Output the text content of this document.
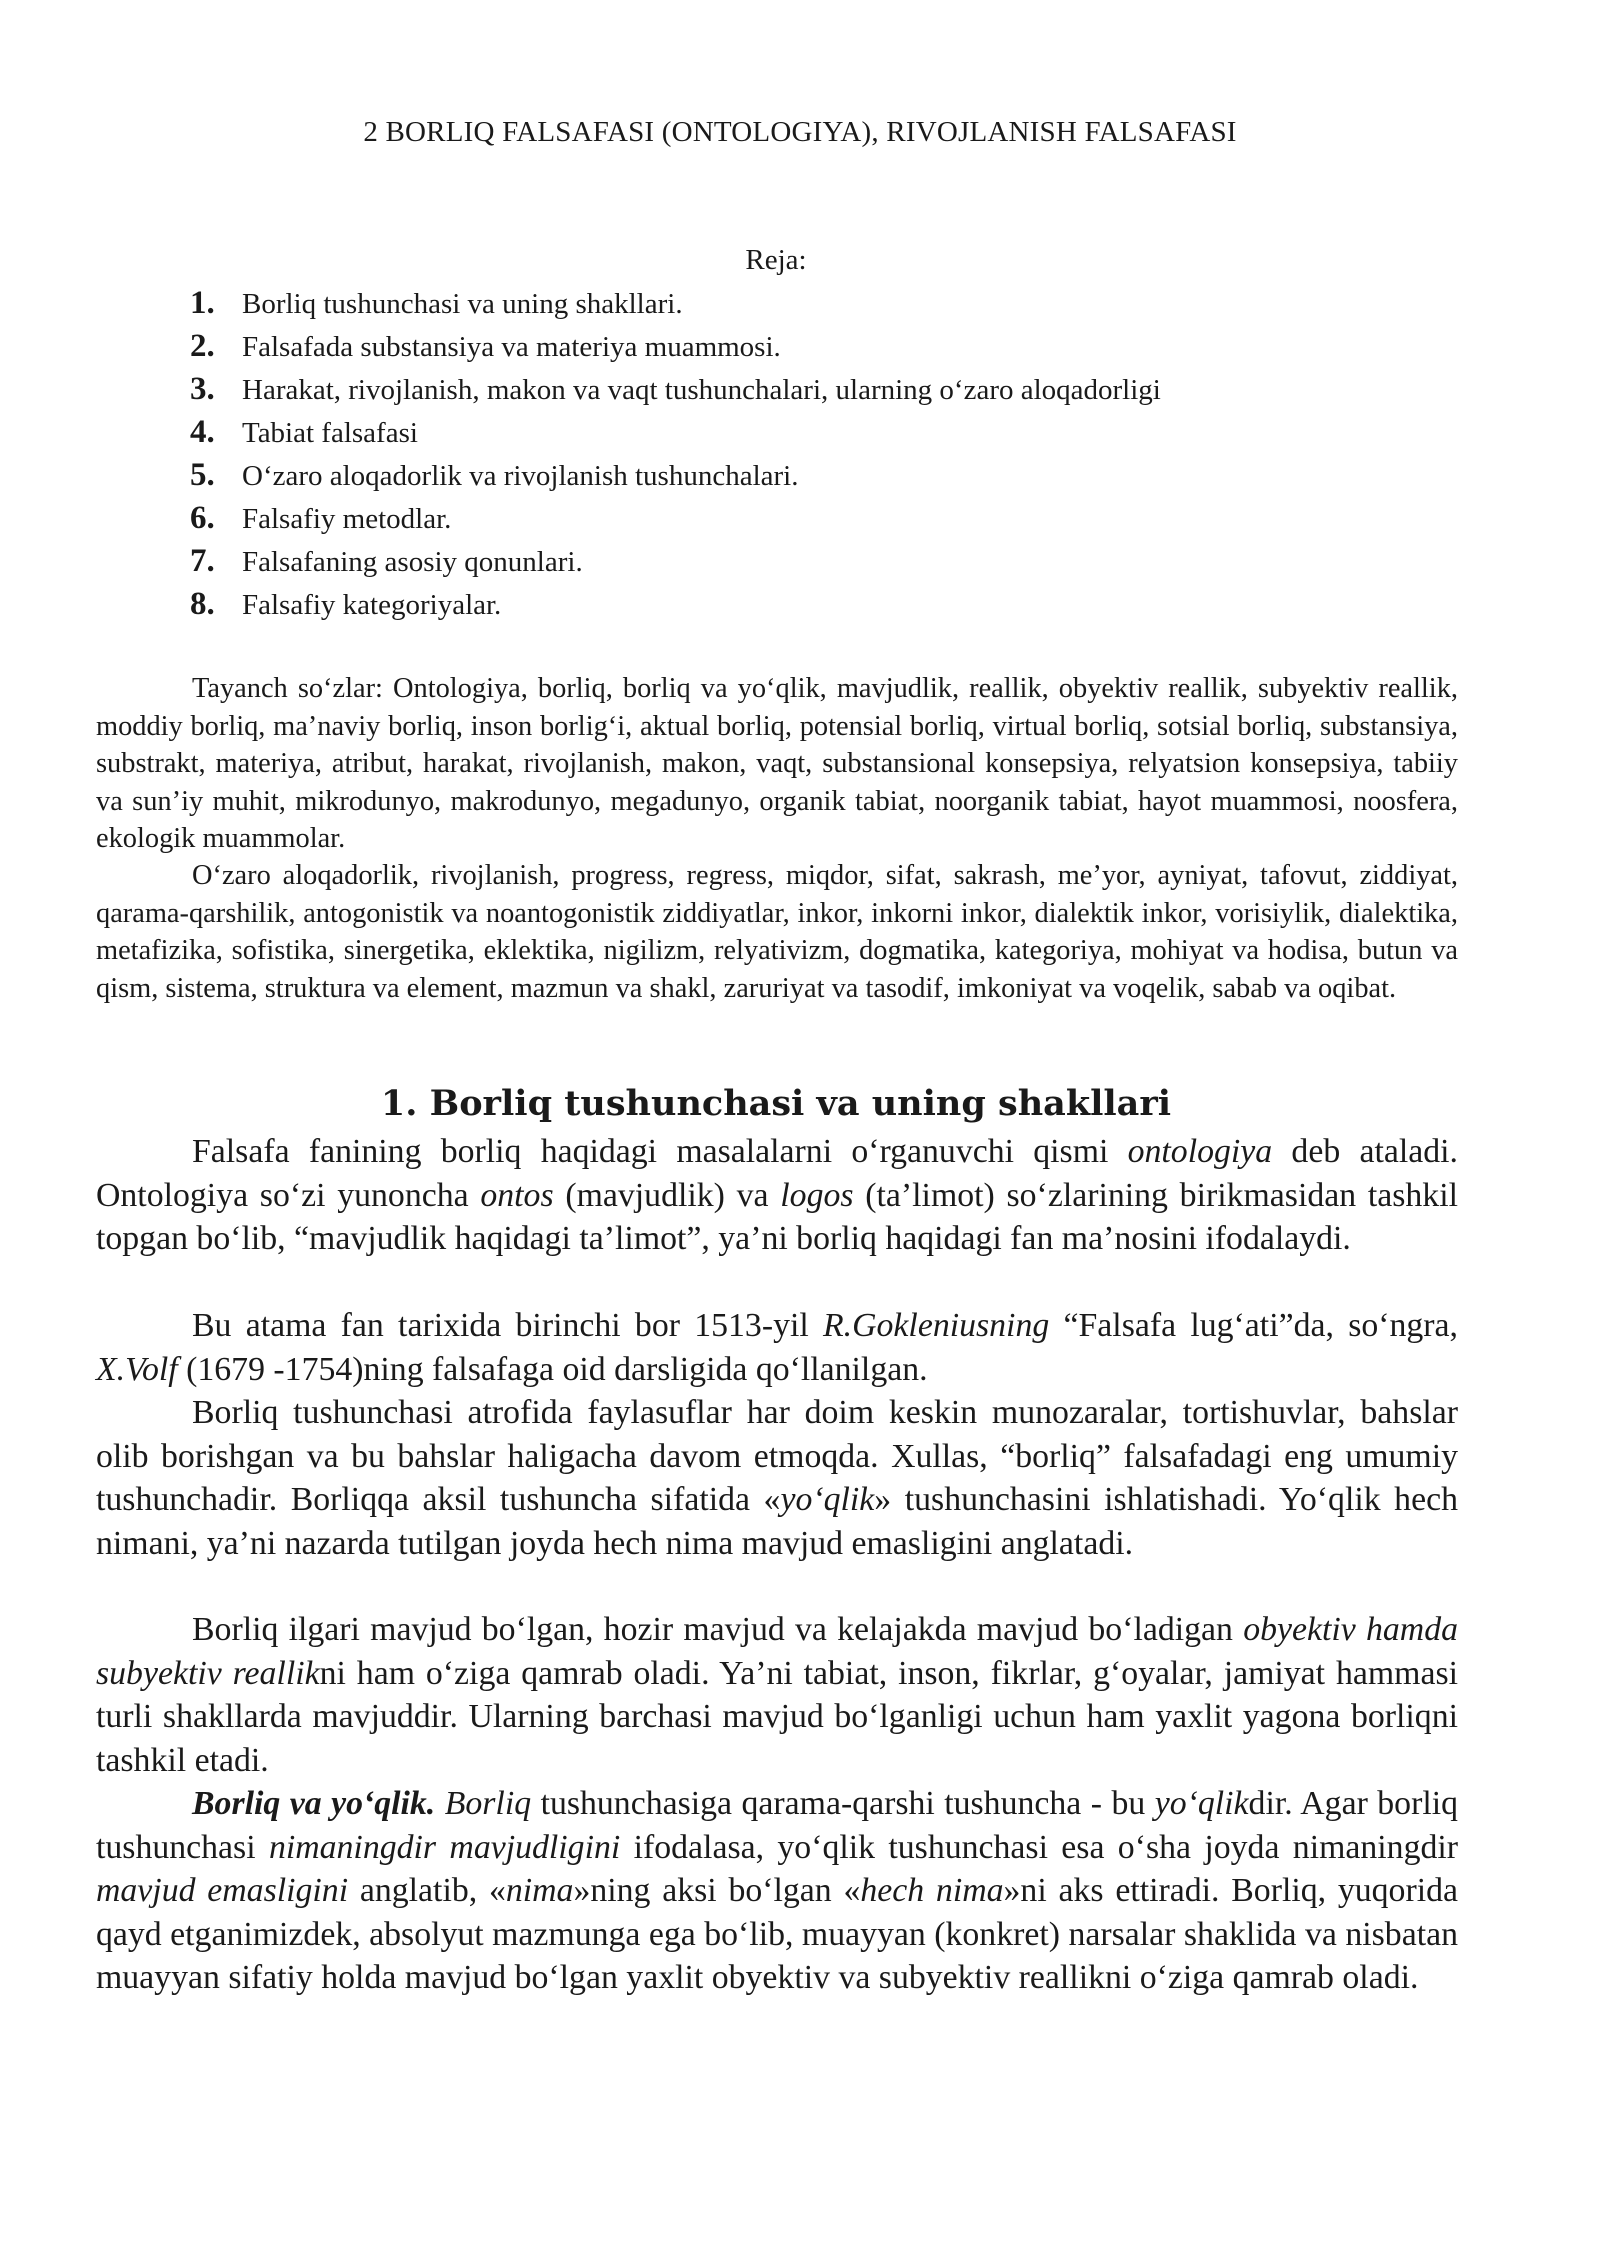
2 BORLIQ FALSAFASI (ONTOLOGIYA), RIVOJLANISH FALSAFASI
Reja:
1. Borliq tushunchasi va uning shakllari.
2. Falsafada substansiya va materiya muammosi.
3. Harakat, rivojlanish, makon va vaqt tushunchalari, ularning o‘zaro aloqadorligi
4. Tabiat falsafasi
5. O‘zaro aloqadorlik va rivojlanish tushunchalari.
6. Falsafiy metodlar.
7. Falsafaning asosiy qonunlari.
8. Falsafiy kategoriyalar.

Tayanch so‘zlar: Ontologiya, borliq, borliq va yo‘qlik, mavjudlik, reallik, obyektiv reallik, subyektiv reallik, moddiy borliq, ma’naviy borliq, inson borlig‘i, aktual borliq, potensial borliq, virtual borliq, sotsial borliq, substansiya, substrakt, materiya, atribut, harakat, rivojlanish, makon, vaqt, substansional konsepsiya, relyatsion konsepsiya, tabiiy va sun’iy muhit, mikrodunyo, makrodunyo, megadunyo, organik tabiat, noorganik tabiat, hayot muammosi, noosfera, ekologik muammolar.

O‘zaro aloqadorlik, rivojlanish, progress, regress, miqdor, sifat, sakrash, me’yor, ayniyat, tafovut, ziddiyat, qarama-qarshilik, antogonistik va noantogonistik ziddiyatlar, inkor, inkorni inkor, dialektik inkor, vorisiylik, dialektika, metafizika, sofistika, sinergetika, eklektika, nigilizm, relyativizm, dogmatika, kategoriya, mohiyat va hodisa, butun va qism, sistema, struktura va element, mazmun va shakl, zaruriyat va tasodif, imkoniyat va voqelik, sabab va oqibat.

1. Borliq tushunchasi va uning shakllari

Falsafa fanining borliq haqidagi masalalarni o‘rganuvchi qismi ontologiya deb ataladi. Ontologiya so‘zi yunoncha ontos (mavjudlik) va logos (ta’limot) so‘zlarining birikmasidan tashkil topgan bo‘lib, “mavjudlik haqidagi ta’limot”, ya’ni borliq haqidagi fan ma’nosini ifodalaydi.

Bu atama fan tarixida birinchi bor 1513-yil R.Gokleniusning “Falsafa lug‘ati”da, so‘ngra, X.Volf (1679 -1754)ning falsafaga oid darsligida qo‘llanilgan.

Borliq tushunchasi atrofida faylasuflar har doim keskin munozaralar, tortishuvlar, bahslar olib borishgan va bu bahslar haligacha davom etmoqda. Xullas, “borliq” falsafadagi eng umumiy tushunchadir. Borliqqa aksil tushuncha sifatida «yo‘qlik» tushunchasini ishlatishadi. Yo‘qlik hech nimani, ya’ni nazarda tutilgan joyda hech nima mavjud emasligini anglatadi.

Borliq ilgari mavjud bo‘lgan, hozir mavjud va kelajakda mavjud bo‘ladigan obyektiv hamda subyektiv reallikni ham o‘ziga qamrab oladi. Ya’ni tabiat, inson, fikrlar, g‘oyalar, jamiyat hammasi turli shakllarda mavjuddir. Ularning barchasi mavjud bo‘lganligi uchun ham yaxlit yagona borliqni tashkil etadi.

Borliq va yo‘qlik. Borliq tushunchasiga qarama-qarshi tushuncha - bu yo‘qlikdir. Agar borliq tushunchasi nimaningdir mavjudligini ifodalasa, yo‘qlik tushunchasi esa o‘sha joyda nimaningdir mavjud emasligini anglatib, «nima»ning aksi bo‘lgan «hech nima»ni aks ettiradi. Borliq, yuqorida qayd etganimizdek, absolyut mazmunga ega bo‘lib, muayyan (konkret) narsalar shaklida va nisbatan muayyan sifatiy holda mavjud bo‘lgan yaxlit obyektiv va subyektiv reallikni o‘ziga qamrab oladi.
